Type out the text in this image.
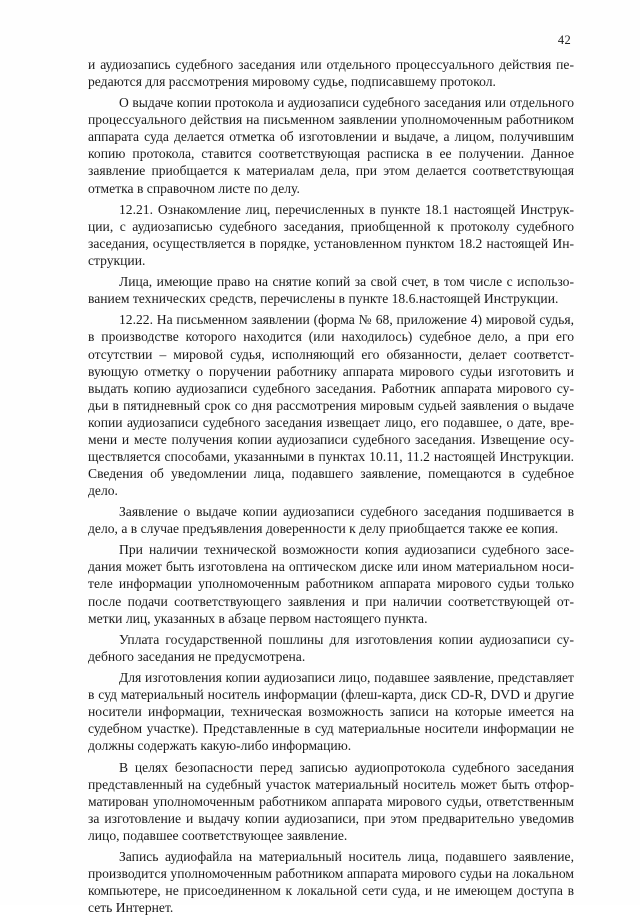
42

и аудиозапись судебного заседания или отдельного процессуального действия передаются для рассмотрения мировому судье, подписавшему протокол.

О выдаче копии протокола и аудиозаписи судебного заседания или отдельного процессуального действия на письменном заявлении уполномоченным работником аппарата суда делается отметка об изготовлении и выдаче, а лицом, получившим копию протокола, ставится соответствующая расписка в ее получении. Данное заявление приобщается к материалам дела, при этом делается соответствующая отметка в справочном листе по делу.

12.21. Ознакомление лиц, перечисленных в пункте 18.1 настоящей Инструкции, с аудиозаписью судебного заседания, приобщенной к протоколу судебного заседания, осуществляется в порядке, установленном пунктом 18.2 настоящей Инструкции.

Лица, имеющие право на снятие копий за свой счет, в том числе с использованием технических средств, перечислены в пункте 18.6.настоящей Инструкции.

12.22. На письменном заявлении (форма № 68, приложение 4) мировой судья, в производстве которого находится (или находилось) судебное дело, а при его отсутствии – мировой судья, исполняющий его обязанности, делает соответствующую отметку о поручении работнику аппарата мирового судьи изготовить и выдать копию аудиозаписи судебного заседания. Работник аппарата мирового судьи в пятидневный срок со дня рассмотрения мировым судьей заявления о выдаче копии аудиозаписи судебного заседания извещает лицо, его подавшее, о дате, времени и месте получения копии аудиозаписи судебного заседания. Извещение осуществляется способами, указанными в пунктах 10.11, 11.2 настоящей Инструкции. Сведения об уведомлении лица, подавшего заявление, помещаются в судебное дело.

Заявление о выдаче копии аудиозаписи судебного заседания подшивается в дело, а в случае предъявления доверенности к делу приобщается также ее копия.

При наличии технической возможности копия аудиозаписи судебного заседания может быть изготовлена на оптическом диске или ином материальном носителе информации уполномоченным работником аппарата мирового судьи только после подачи соответствующего заявления и при наличии соответствующей отметки лиц, указанных в абзаце первом настоящего пункта.

Уплата государственной пошлины для изготовления копии аудиозаписи судебного заседания не предусмотрена.

Для изготовления копии аудиозаписи лицо, подавшее заявление, представляет в суд материальный носитель информации (флеш-карта, диск CD-R, DVD и другие носители информации, техническая возможность записи на которые имеется на судебном участке). Представленные в суд материальные носители информации не должны содержать какую-либо информацию.

В целях безопасности перед записью аудиопротокола судебного заседания представленный на судебный участок материальный носитель может быть отформатирован уполномоченным работником аппарата мирового судьи, ответственным за изготовление и выдачу копии аудиозаписи, при этом предварительно уведомив лицо, подавшее соответствующее заявление.

Запись аудиофайла на материальный носитель лица, подавшего заявление, производится уполномоченным работником аппарата мирового судьи на локальном компьютере, не присоединенном к локальной сети суда, и не имеющем доступа в сеть Интернет.
